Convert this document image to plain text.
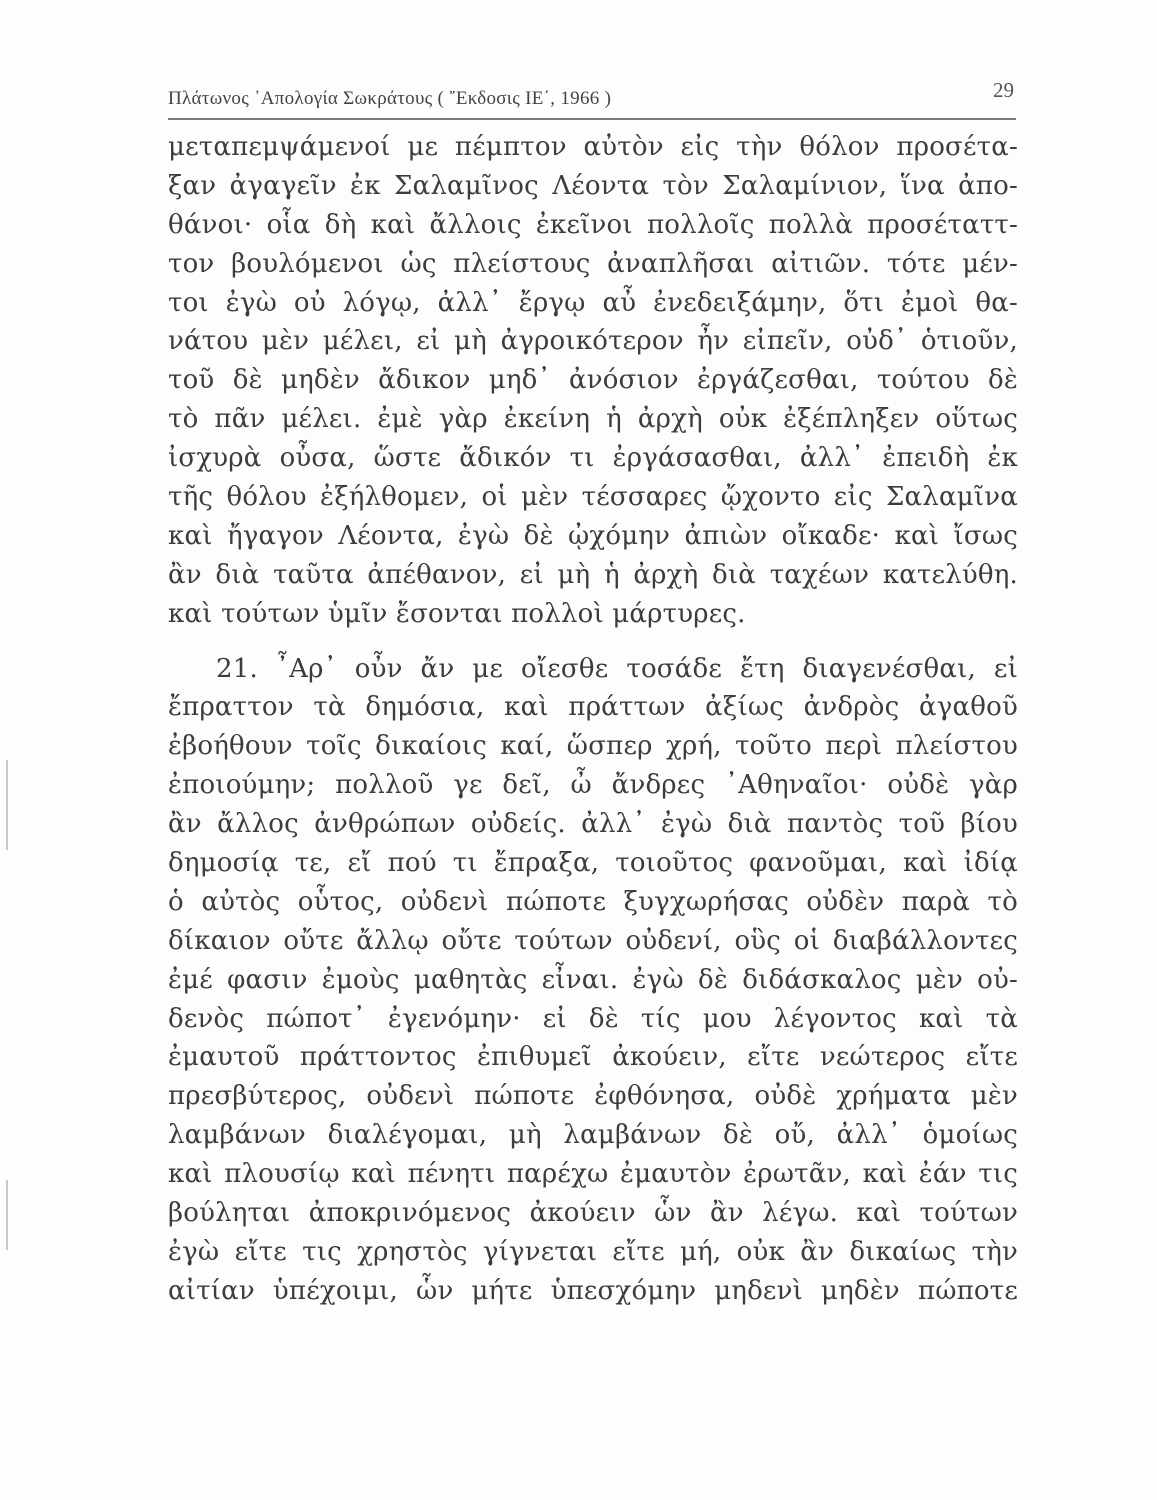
Πλάτωνος ᾿Απολογία Σωκράτους ( ῎Εκδοσις ΙΕ΄, 1966 )	29
μεταπεμψάμενοί με πέμπτον αὐτὸν εἰς τὴν θόλον προσέτα-
ξαν ἀγαγεῖν ἐκ Σαλαμῖνος Λέοντα τὸν Σαλαμίνιον, ἵνα ἀπο-
θάνοι· οἷα δὴ καὶ ἄλλοις ἐκεῖνοι πολλοῖς πολλὰ προσέταττ-
τον βουλόμενοι ὡς πλείστους ἀναπλῆσαι αἰτιῶν. τότε μέν-
τοι ἐγὼ οὐ λόγῳ, ἀλλ᾿ ἔργῳ αὖ ἐνεδειξάμην, ὅτι ἐμοὶ θα-
νάτου μὲν μέλει, εἰ μὴ ἀγροικότερον ἦν εἰπεῖν, οὐδ᾿ ὁτιοῦν,
τοῦ δὲ μηδὲν ἄδικον μηδ᾿ ἀνόσιον ἐργάζεσθαι, τούτου δὲ
τὸ πᾶν μέλει. ἐμὲ γὰρ ἐκείνη ἡ ἀρχὴ οὐκ ἐξέπληξεν οὕτως
ἰσχυρὰ οὖσα, ὥστε ἄδικόν τι ἐργάσασθαι, ἀλλ᾿ ἐπειδὴ ἐκ
τῆς θόλου ἐξήλθομεν, οἱ μὲν τέσσαρες ᾤχοντο εἰς Σαλαμῖνα
καὶ ἤγαγον Λέοντα, ἐγὼ δὲ ᾠχόμην ἀπιὼν οἴκαδε· καὶ ἴσως
ἂν διὰ ταῦτα ἀπέθανον, εἰ μὴ ἡ ἀρχὴ διὰ ταχέων κατελύθη.
καὶ τούτων ὑμῖν ἔσονται πολλοὶ μάρτυρες.
21. ῏Αρ᾿ οὖν ἄν με οἴεσθε τοσάδε ἔτη διαγενέσθαι, εἰ
ἔπραττον τὰ δημόσια, καὶ πράττων ἀξίως ἀνδρὸς ἀγαθοῦ
ἐβοήθουν τοῖς δικαίοις καί, ὥσπερ χρή, τοῦτο περὶ πλείστου
ἐποιούμην; πολλοῦ γε δεῖ, ὦ ἄνδρες ᾿Αθηναῖοι· οὐδὲ γὰρ
ἂν ἄλλος ἀνθρώπων οὐδείς. ἀλλ᾿ ἐγὼ διὰ παντὸς τοῦ βίου
δημοσίᾳ τε, εἴ πού τι ἔπραξα, τοιοῦτος φανοῦμαι, καὶ ἰδίᾳ
ὁ αὐτὸς οὗτος, οὐδενὶ πώποτε ξυγχωρήσας οὐδὲν παρὰ τὸ
δίκαιον οὔτε ἄλλῳ οὔτε τούτων οὐδενί, οὓς οἱ διαβάλλοντες
ἐμέ φασιν ἐμοὺς μαθητὰς εἶναι. ἐγὼ δὲ διδάσκαλος μὲν οὐ-
δενὸς πώποτ᾿ ἐγενόμην· εἰ δὲ τίς μου λέγοντος καὶ τὰ
ἐμαυτοῦ πράττοντος ἐπιθυμεῖ ἀκούειν, εἴτε νεώτερος εἴτε
πρεσβύτερος, οὐδενὶ πώποτε ἐφθόνησα, οὐδὲ χρήματα μὲν
λαμβάνων διαλέγομαι, μὴ λαμβάνων δὲ οὔ, ἀλλ᾿ ὁμοίως
καὶ πλουσίῳ καὶ πένητι παρέχω ἐμαυτὸν ἐρωτᾶν, καὶ ἐάν τις
βούληται ἀποκρινόμενος ἀκούειν ὧν ἂν λέγω. καὶ τούτων
ἐγὼ εἴτε τις χρηστὸς γίγνεται εἴτε μή, οὐκ ἂν δικαίως τὴν
αἰτίαν ὑπέχοιμι, ὧν μήτε ὑπεσχόμην μηδενὶ μηδὲν πώποτε
